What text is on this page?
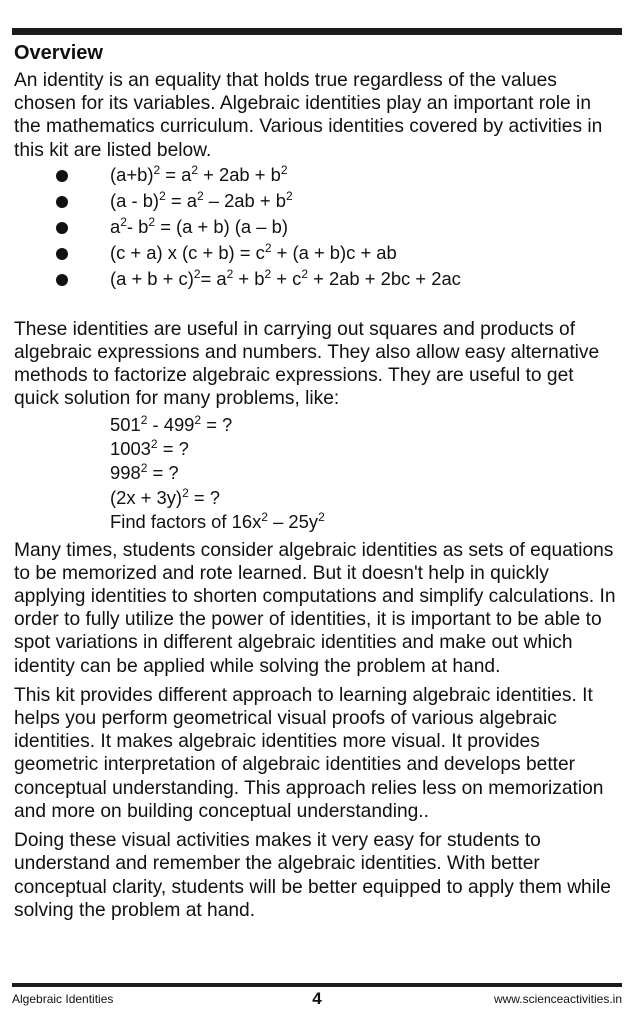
Overview

An identity is an equality that holds true regardless of the values chosen for its variables. Algebraic identities play an important role in the mathematics curriculum. Various identities covered by activities in this kit are listed below.

$(a+b)^2 = a^2 + 2ab + b^2$
$(a - b)^2 = a^2 - 2ab + b^2$
$a^2-$ $b^2 = (a + b)$ (a – b)
(c + a) x $(c + b) = c^2 + (a + b)c$ + ab
$(a + b + c)^2= a^2 + b^2 + c^2 + 2ab + 2bc + 2ac$

These identities are useful in carrying out squares and products of algebraic expressions and numbers. They also allow easy alternative methods to factorize algebraic expressions. They are useful to get quick solution for many problems, like:

$501^2 - 499^2$ = ?
$1003^2$ = ?
$998^2$ = ?
$(2x + 3y)^2$ = ?
Find factors of $16x^2 - 25y^2$

Many times, students consider algebraic identities as sets of equations to be memorized and rote learned. But it doesn't help in quickly applying identities to shorten computations and simplify calculations. In order to fully utilize the power of identities, it is important to be able to spot variations in different algebraic identities and make out which identity can be applied while solving the problem at hand.

This kit provides different approach to learning algebraic identities. It helps you perform geometrical visual proofs of various algebraic identities. It makes algebraic identities more visual. It provides geometric interpretation of algebraic identities and develops better conceptual understanding. This approach relies less on memorization and more on building conceptual understanding..

Doing these visual activities makes it very easy for students to understand and remember the algebraic identities. With better conceptual clarity, students will be better equipped to apply them while solving the problem at hand.

Algebraic Identities	4	www.scienceactivities.in
